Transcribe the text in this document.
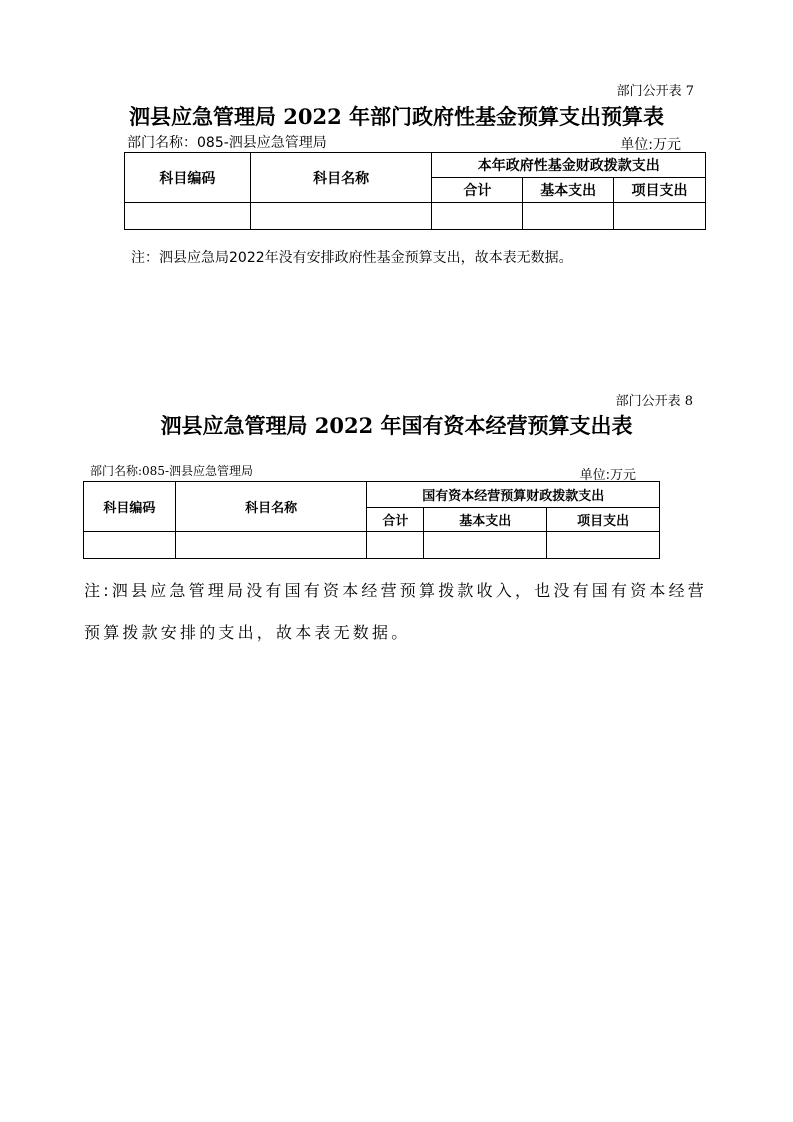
部门公开表 7
泗县应急管理局 2022 年部门政府性基金预算支出预算表
部门名称：085-泗县应急管理局	单位:万元
科目编码	科目名称	本年政府性基金财政拨款支出		
		合计	基本支出	项目支出

注：泗县应急局2022年没有安排政府性基金预算支出，故本表无数据。
部门公开表 8
泗县应急管理局 2022 年国有资本经营预算支出表
部门名称:085-泗县应急管理局	单位:万元
科目编码	科目名称	国有资本经营预算财政拨款支出		
		合计	基本支出	项目支出

注:泗县应急管理局没有国有资本经营预算拨款收入，也没有国有资本经营
预算拨款安排的支出，故本表无数据。
